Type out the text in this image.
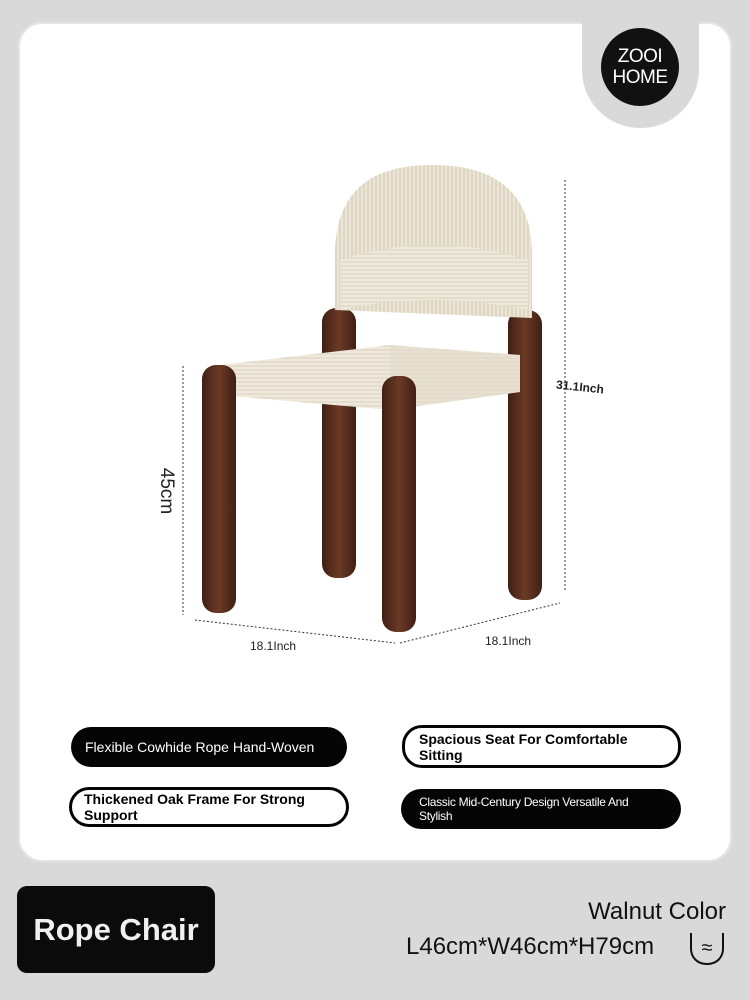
ZOOI
HOME
45cm
31.1Inch
18.1Inch	18.1Inch
Flexible Cowhide Rope Hand-Woven
Spacious Seat For Comfortable Sitting
Thickened Oak Frame For Strong Support
Classic Mid-Century Design Versatile And Stylish
Rope Chair	Walnut Color
L46cm*W46cm*H79cm	≈
